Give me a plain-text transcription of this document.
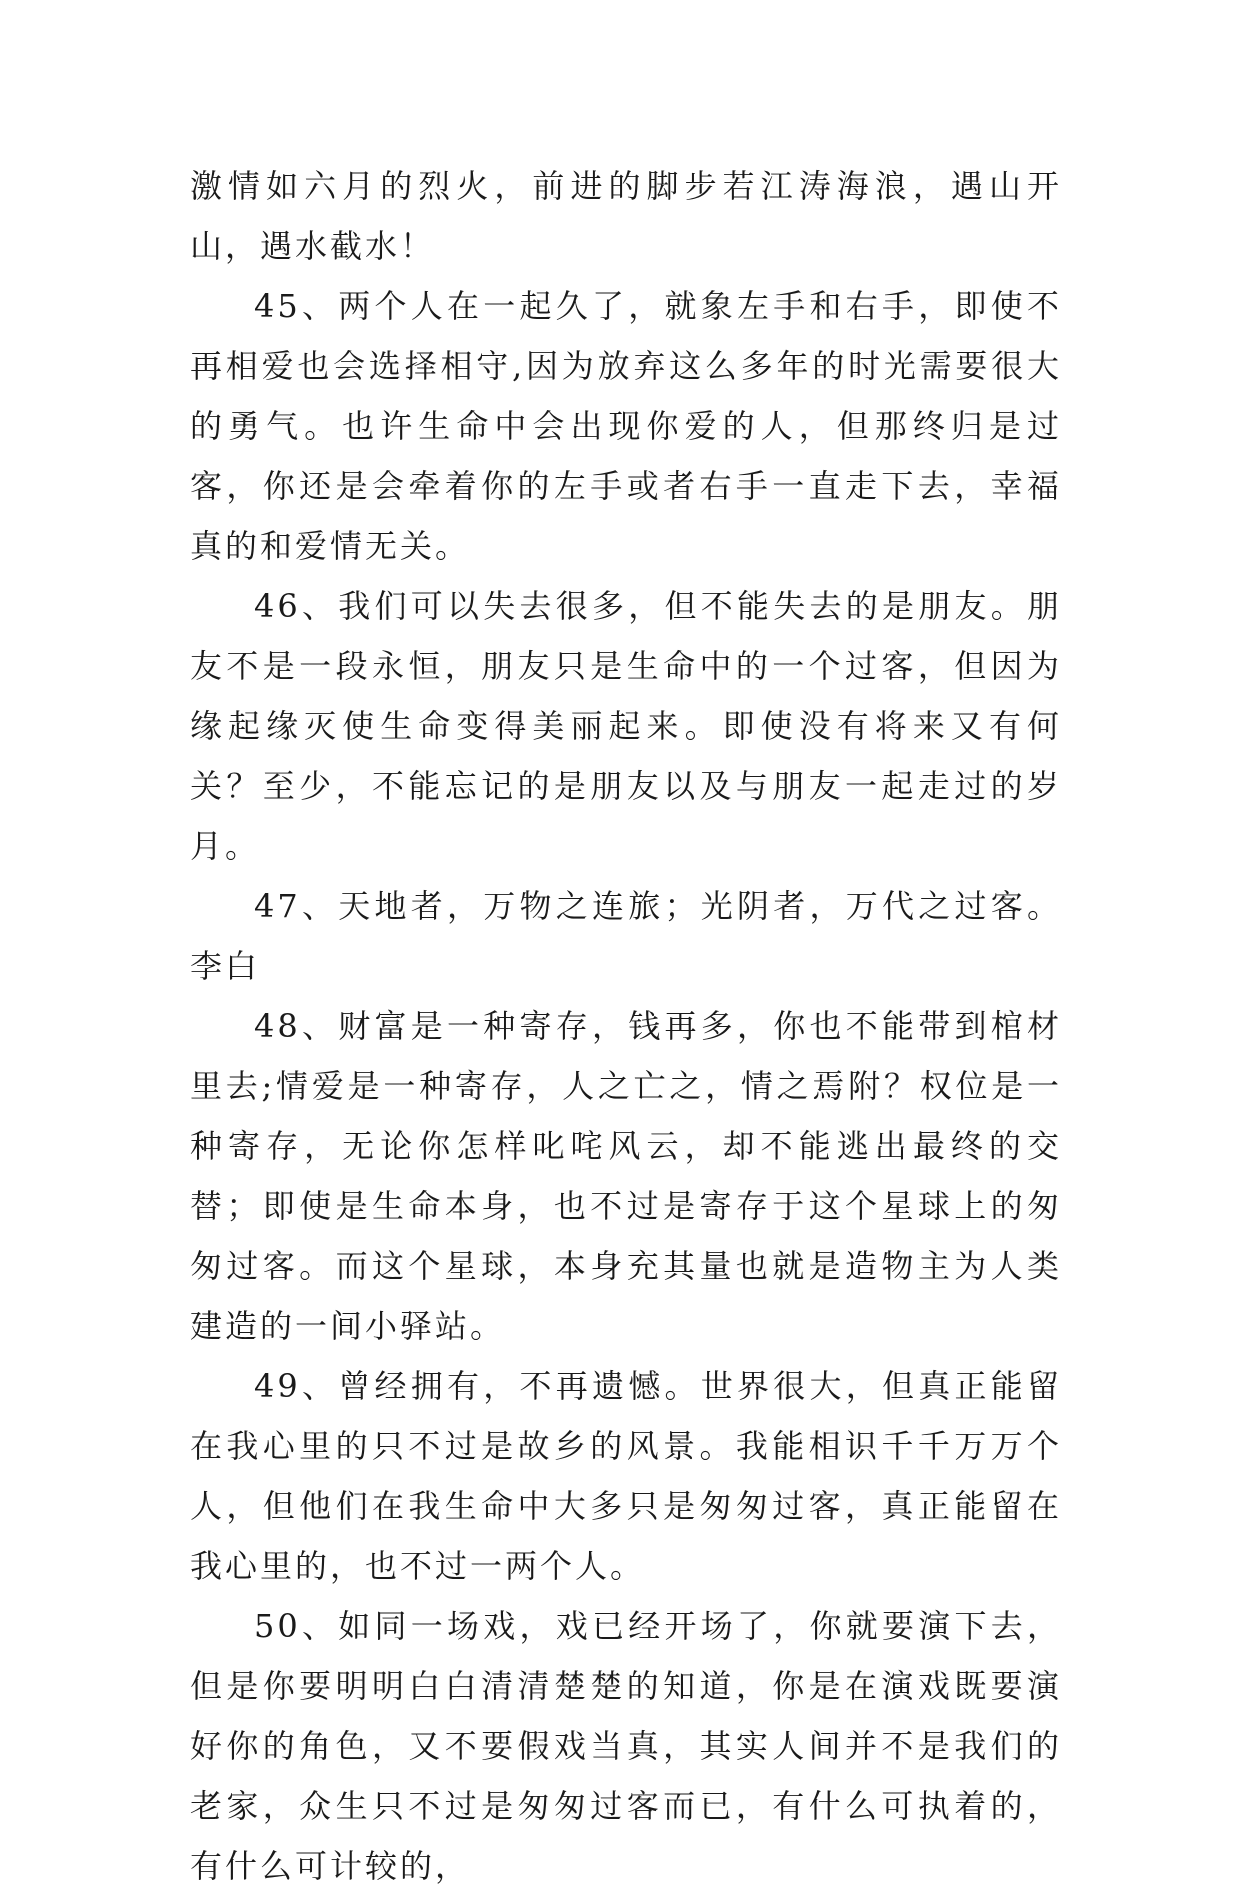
激情如六月的烈火，前进的脚步若江涛海浪，遇山开山，遇水截水！

45、两个人在一起久了，就象左手和右手，即使不再相爱也会选择相守,因为放弃这么多年的时光需要很大的勇气。也许生命中会出现你爱的人，但那终归是过客，你还是会牵着你的左手或者右手一直走下去，幸福真的和爱情无关。

46、我们可以失去很多，但不能失去的是朋友。朋友不是一段永恒，朋友只是生命中的一个过客，但因为缘起缘灭使生命变得美丽起来。即使没有将来又有何关？至少，不能忘记的是朋友以及与朋友一起走过的岁月。

47、天地者，万物之连旅；光阴者，万代之过客。李白

48、财富是一种寄存，钱再多，你也不能带到棺材里去;情爱是一种寄存，人之亡之，情之焉附？权位是一种寄存，无论你怎样叱咤风云，却不能逃出最终的交替；即使是生命本身，也不过是寄存于这个星球上的匆匆过客。而这个星球，本身充其量也就是造物主为人类建造的一间小驿站。

49、曾经拥有，不再遗憾。世界很大，但真正能留在我心里的只不过是故乡的风景。我能相识千千万万个人，但他们在我生命中大多只是匆匆过客，真正能留在我心里的，也不过一两个人。

50、如同一场戏，戏已经开场了，你就要演下去，但是你要明明白白清清楚楚的知道，你是在演戏既要演好你的角色，又不要假戏当真，其实人间并不是我们的老家，众生只不过是匆匆过客而已，有什么可执着的，有什么可计较的，
